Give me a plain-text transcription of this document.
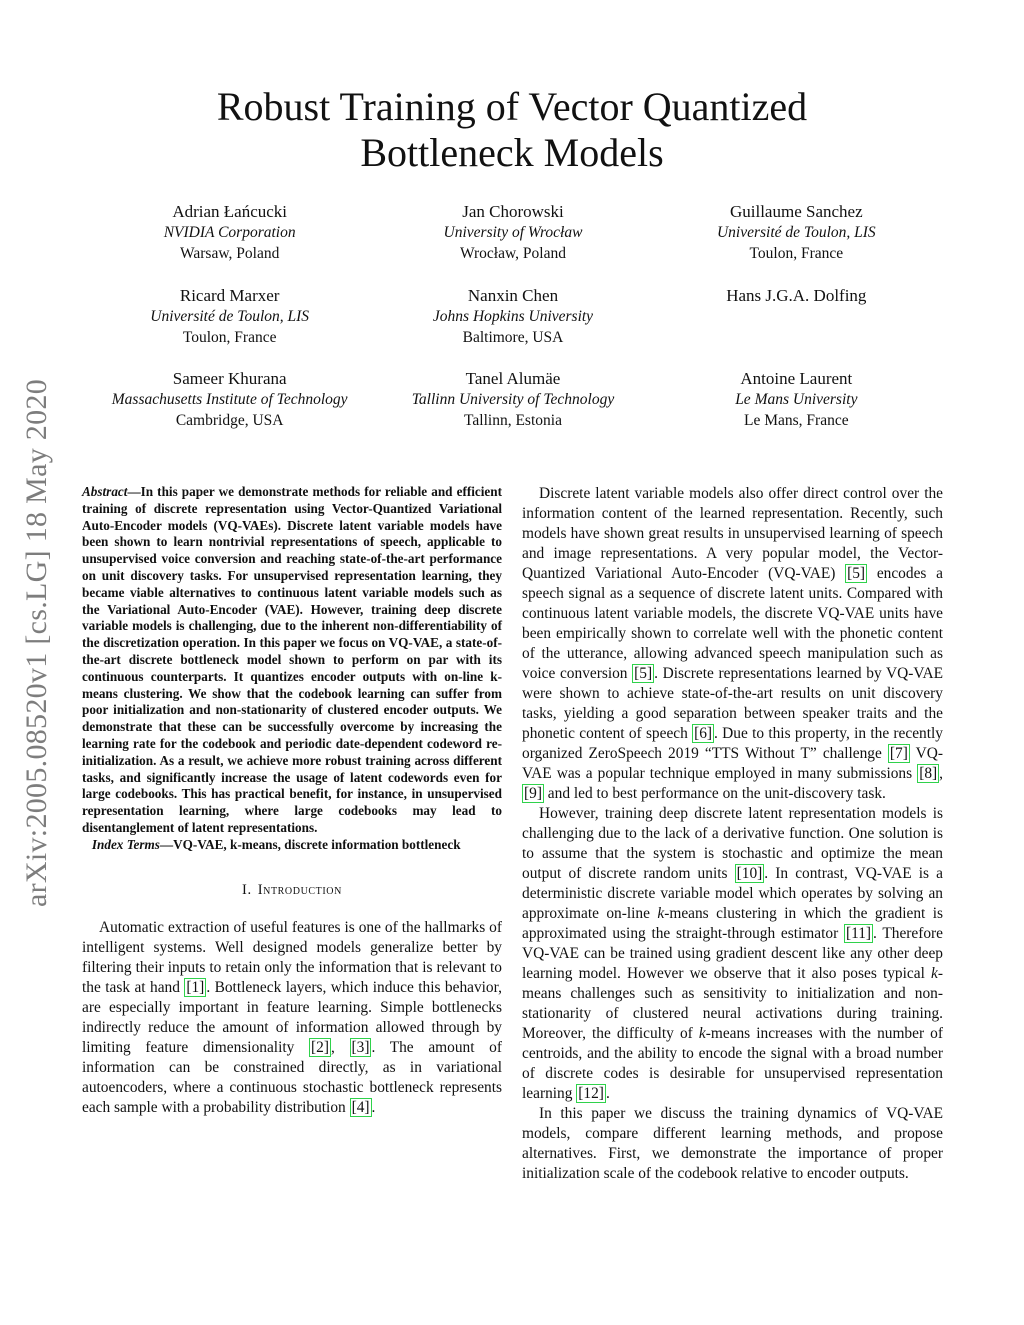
arXiv:2005.08520v1 [cs.LG] 18 May 2020
Robust Training of Vector Quantized
Bottleneck Models
Adrian Łańcucki
NVIDIA Corporation
Warsaw, Poland
Jan Chorowski
University of Wrocław
Wrocław, Poland
Guillaume Sanchez
Université de Toulon, LIS
Toulon, France
Ricard Marxer
Université de Toulon, LIS
Toulon, France
Nanxin Chen
Johns Hopkins University
Baltimore, USA
Hans J.G.A. Dolfing
Sameer Khurana
Massachusetts Institute of Technology
Cambridge, USA
Tanel Alumäe
Tallinn University of Technology
Tallinn, Estonia
Antoine Laurent
Le Mans University
Le Mans, France

Abstract—In this paper we demonstrate methods for reliable and efficient training of discrete representation using Vector-Quantized Variational Auto-Encoder models (VQ-VAEs). Discrete latent variable models have been shown to learn nontrivial representations of speech, applicable to unsupervised voice conversion and reaching state-of-the-art performance on unit discovery tasks. For unsupervised representation learning, they became viable alternatives to continuous latent variable models such as the Variational Auto-Encoder (VAE). However, training deep discrete variable models is challenging, due to the inherent non-differentiability of the discretization operation. In this paper we focus on VQ-VAE, a state-of-the-art discrete bottleneck model shown to perform on par with its continuous counterparts. It quantizes encoder outputs with on-line k-means clustering. We show that the codebook learning can suffer from poor initialization and non-stationarity of clustered encoder outputs. We demonstrate that these can be successfully overcome by increasing the learning rate for the codebook and periodic date-dependent codeword re-initialization. As a result, we achieve more robust training across different tasks, and significantly increase the usage of latent codewords even for large codebooks. This has practical benefit, for instance, in unsupervised representation learning, where large codebooks may lead to disentanglement of latent representations.

Index Terms—VQ-VAE, k-means, discrete information bottleneck

I. Introduction

Automatic extraction of useful features is one of the hallmarks of intelligent systems. Well designed models generalize better by filtering their inputs to retain only the information that is relevant to the task at hand [1] . Bottleneck layers, which induce this behavior, are especially important in feature learning. Simple bottlenecks indirectly reduce the amount of information allowed through by limiting feature dimensionality [2] , [3] . The amount of information can be constrained directly, as in variational autoencoders, where a continuous stochastic bottleneck represents each sample with a probability distribution [4] .

Discrete latent variable models also offer direct control over the information content of the learned representation. Recently, such models have shown great results in unsupervised learning of speech and image representations. A very popular model, the Vector-Quantized Variational Auto-Encoder (VQ-VAE) [5] encodes a speech signal as a sequence of discrete latent units. Compared with continuous latent variable models, the discrete VQ-VAE units have been empirically shown to correlate well with the phonetic content of the utterance, allowing advanced speech manipulation such as voice conversion [5] . Discrete representations learned by VQ-VAE were shown to achieve state-of-the-art results on unit discovery tasks, yielding a good separation between speaker traits and the phonetic content of speech [6] . Due to this property, in the recently organized ZeroSpeech 2019 “TTS Without T” challenge [7] VQ-VAE was a popular technique employed in many submissions [8] , [9] and led to best performance on the unit-discovery task.

However, training deep discrete latent representation models is challenging due to the lack of a derivative function. One solution is to assume that the system is stochastic and optimize the mean output of discrete random units [10] . In contrast, VQ-VAE is a deterministic discrete variable model which operates by solving an approximate on-line k-means clustering in which the gradient is approximated using the straight-through estimator [11] . Therefore VQ-VAE can be trained using gradient descent like any other deep learning model. However we observe that it also poses typical k-means challenges such as sensitivity to initialization and non-stationarity of clustered neural activations during training. Moreover, the difficulty of k-means increases with the number of centroids, and the ability to encode the signal with a broad number of discrete codes is desirable for unsupervised representation learning [12] .

In this paper we discuss the training dynamics of VQ-VAE models, compare different learning methods, and propose alternatives. First, we demonstrate the importance of proper initialization scale of the codebook relative to encoder outputs.
